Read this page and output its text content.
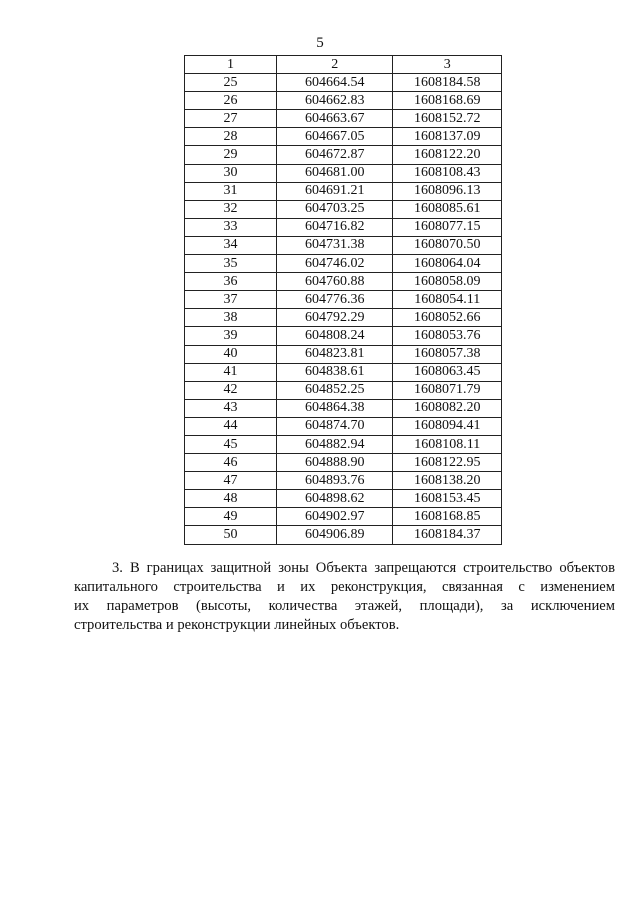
5
1	2	3
25	604664.54	1608184.58
26	604662.83	1608168.69
27	604663.67	1608152.72
28	604667.05	1608137.09
29	604672.87	1608122.20
30	604681.00	1608108.43
31	604691.21	1608096.13
32	604703.25	1608085.61
33	604716.82	1608077.15
34	604731.38	1608070.50
35	604746.02	1608064.04
36	604760.88	1608058.09
37	604776.36	1608054.11
38	604792.29	1608052.66
39	604808.24	1608053.76
40	604823.81	1608057.38
41	604838.61	1608063.45
42	604852.25	1608071.79
43	604864.38	1608082.20
44	604874.70	1608094.41
45	604882.94	1608108.11
46	604888.90	1608122.95
47	604893.76	1608138.20
48	604898.62	1608153.45
49	604902.97	1608168.85
50	604906.89	1608184.37
3. В границах защитной зоны Объекта запрещаются строительство объектов
капитального строительства и их реконструкция, связанная с изменением
их параметров (высоты, количества этажей, площади), за исключением
строительства и реконструкции линейных объектов.
